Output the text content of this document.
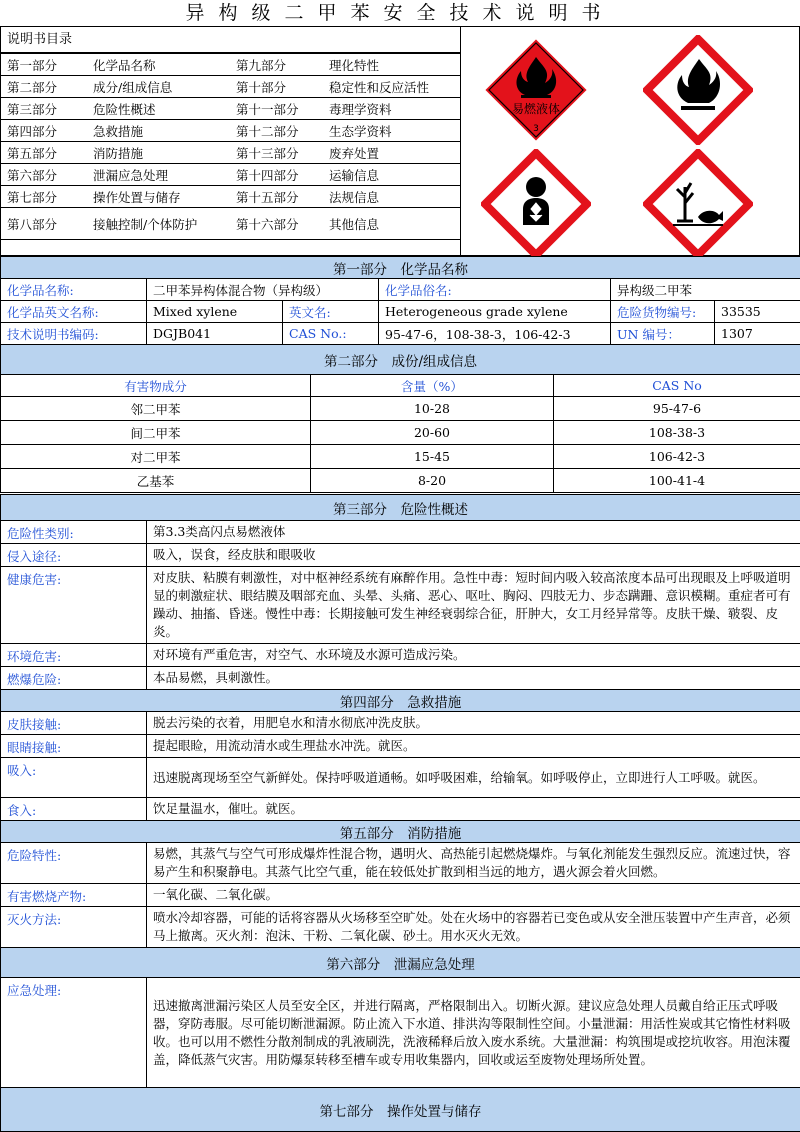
异构级二甲苯安全技术说明书
说明书目录
第一部分	化学品名称	第九部分	理化特性
第二部分	成分/组成信息	第十部分	稳定性和反应活性
第三部分	危险性概述	第十一部分	毒理学资料
第四部分	急救措施	第十二部分	生态学资料
第五部分	消防措施	第十三部分	废弃处置
第六部分	泄漏应急处理	第十四部分	运输信息
第七部分	操作处置与储存	第十五部分	法规信息
第八部分	接触控制/个体防护	第十六部分	其他信息
易燃液体
3
第一部分　化学品名称					
化学品名称:	二甲苯异构体混合物（异构级）		化学品俗名:	异构级二甲苯	
化学品英文名称:	Mixed xylene	英文名:	Heterogeneous grade xylene	危险货物编号:	33535
技术说明书编码:	DGJB041	CAS No.:	95-47-6，108-38-3，106-42-3	UN 编号：	1307
第二部分　成份/组成信息					
有害物成分	含量（%）	CAS No
邻二甲苯	10-28	95-47-6
间二甲苯	20-60	108-38-3
对二甲苯	15-45	106-42-3
乙基苯	8-20	100-41-4
第三部分　危险性概述	
危险性类别:	第3.3类高闪点易燃液体
侵入途径:	吸入，误食，经皮肤和眼吸收
健康危害:	对皮肤、粘膜有刺激性，对中枢神经系统有麻醉作用。急性中毒：短时间内吸入较高浓度本品可出现眼及上呼吸道明显的刺激症状、眼结膜及咽部充血、头晕、头痛、恶心、呕吐、胸闷、四肢无力、步态蹒跚、意识模糊。重症者可有躁动、抽搐、昏迷。慢性中毒：长期接触可发生神经衰弱综合征，肝肿大，女工月经异常等。皮肤干燥、皲裂、皮炎。
环境危害:	对环境有严重危害，对空气、水环境及水源可造成污染。
燃爆危险:	本品易燃，具刺激性。
第四部分　急救措施	
皮肤接触:	脱去污染的衣着，用肥皂水和清水彻底冲洗皮肤。
眼睛接触:	提起眼睑，用流动清水或生理盐水冲洗。就医。
吸入:	迅速脱离现场至空气新鲜处。保持呼吸道通畅。如呼吸困难，给输氧。如呼吸停止，立即进行人工呼吸。就医。
食入:	饮足量温水，催吐。就医。
第五部分　消防措施	
危险特性:	易燃，其蒸气与空气可形成爆炸性混合物，遇明火、高热能引起燃烧爆炸。与氧化剂能发生强烈反应。流速过快，容易产生和积聚静电。其蒸气比空气重，能在较低处扩散到相当远的地方，遇火源会着火回燃。
有害燃烧产物:	一氧化碳、二氧化碳。
灭火方法:	喷水冷却容器，可能的话将容器从火场移至空旷处。处在火场中的容器若已变色或从安全泄压装置中产生声音，必须马上撤离。灭火剂：泡沫、干粉、二氧化碳、砂土。用水灭火无效。
第六部分　泄漏应急处理	
应急处理:	迅速撤离泄漏污染区人员至安全区，并进行隔离，严格限制出入。切断火源。建议应急处理人员戴自给正压式呼吸器，穿防毒服。尽可能切断泄漏源。防止流入下水道、排洪沟等限制性空间。小量泄漏：用活性炭或其它惰性材料吸收。也可以用不燃性分散剂制成的乳液刷洗，洗液稀释后放入废水系统。大量泄漏：构筑围堤或挖坑收容。用泡沫覆盖，降低蒸气灾害。用防爆泵转移至槽车或专用收集器内，回收或运至废物处理场所处置。
第七部分　操作处置与储存	
